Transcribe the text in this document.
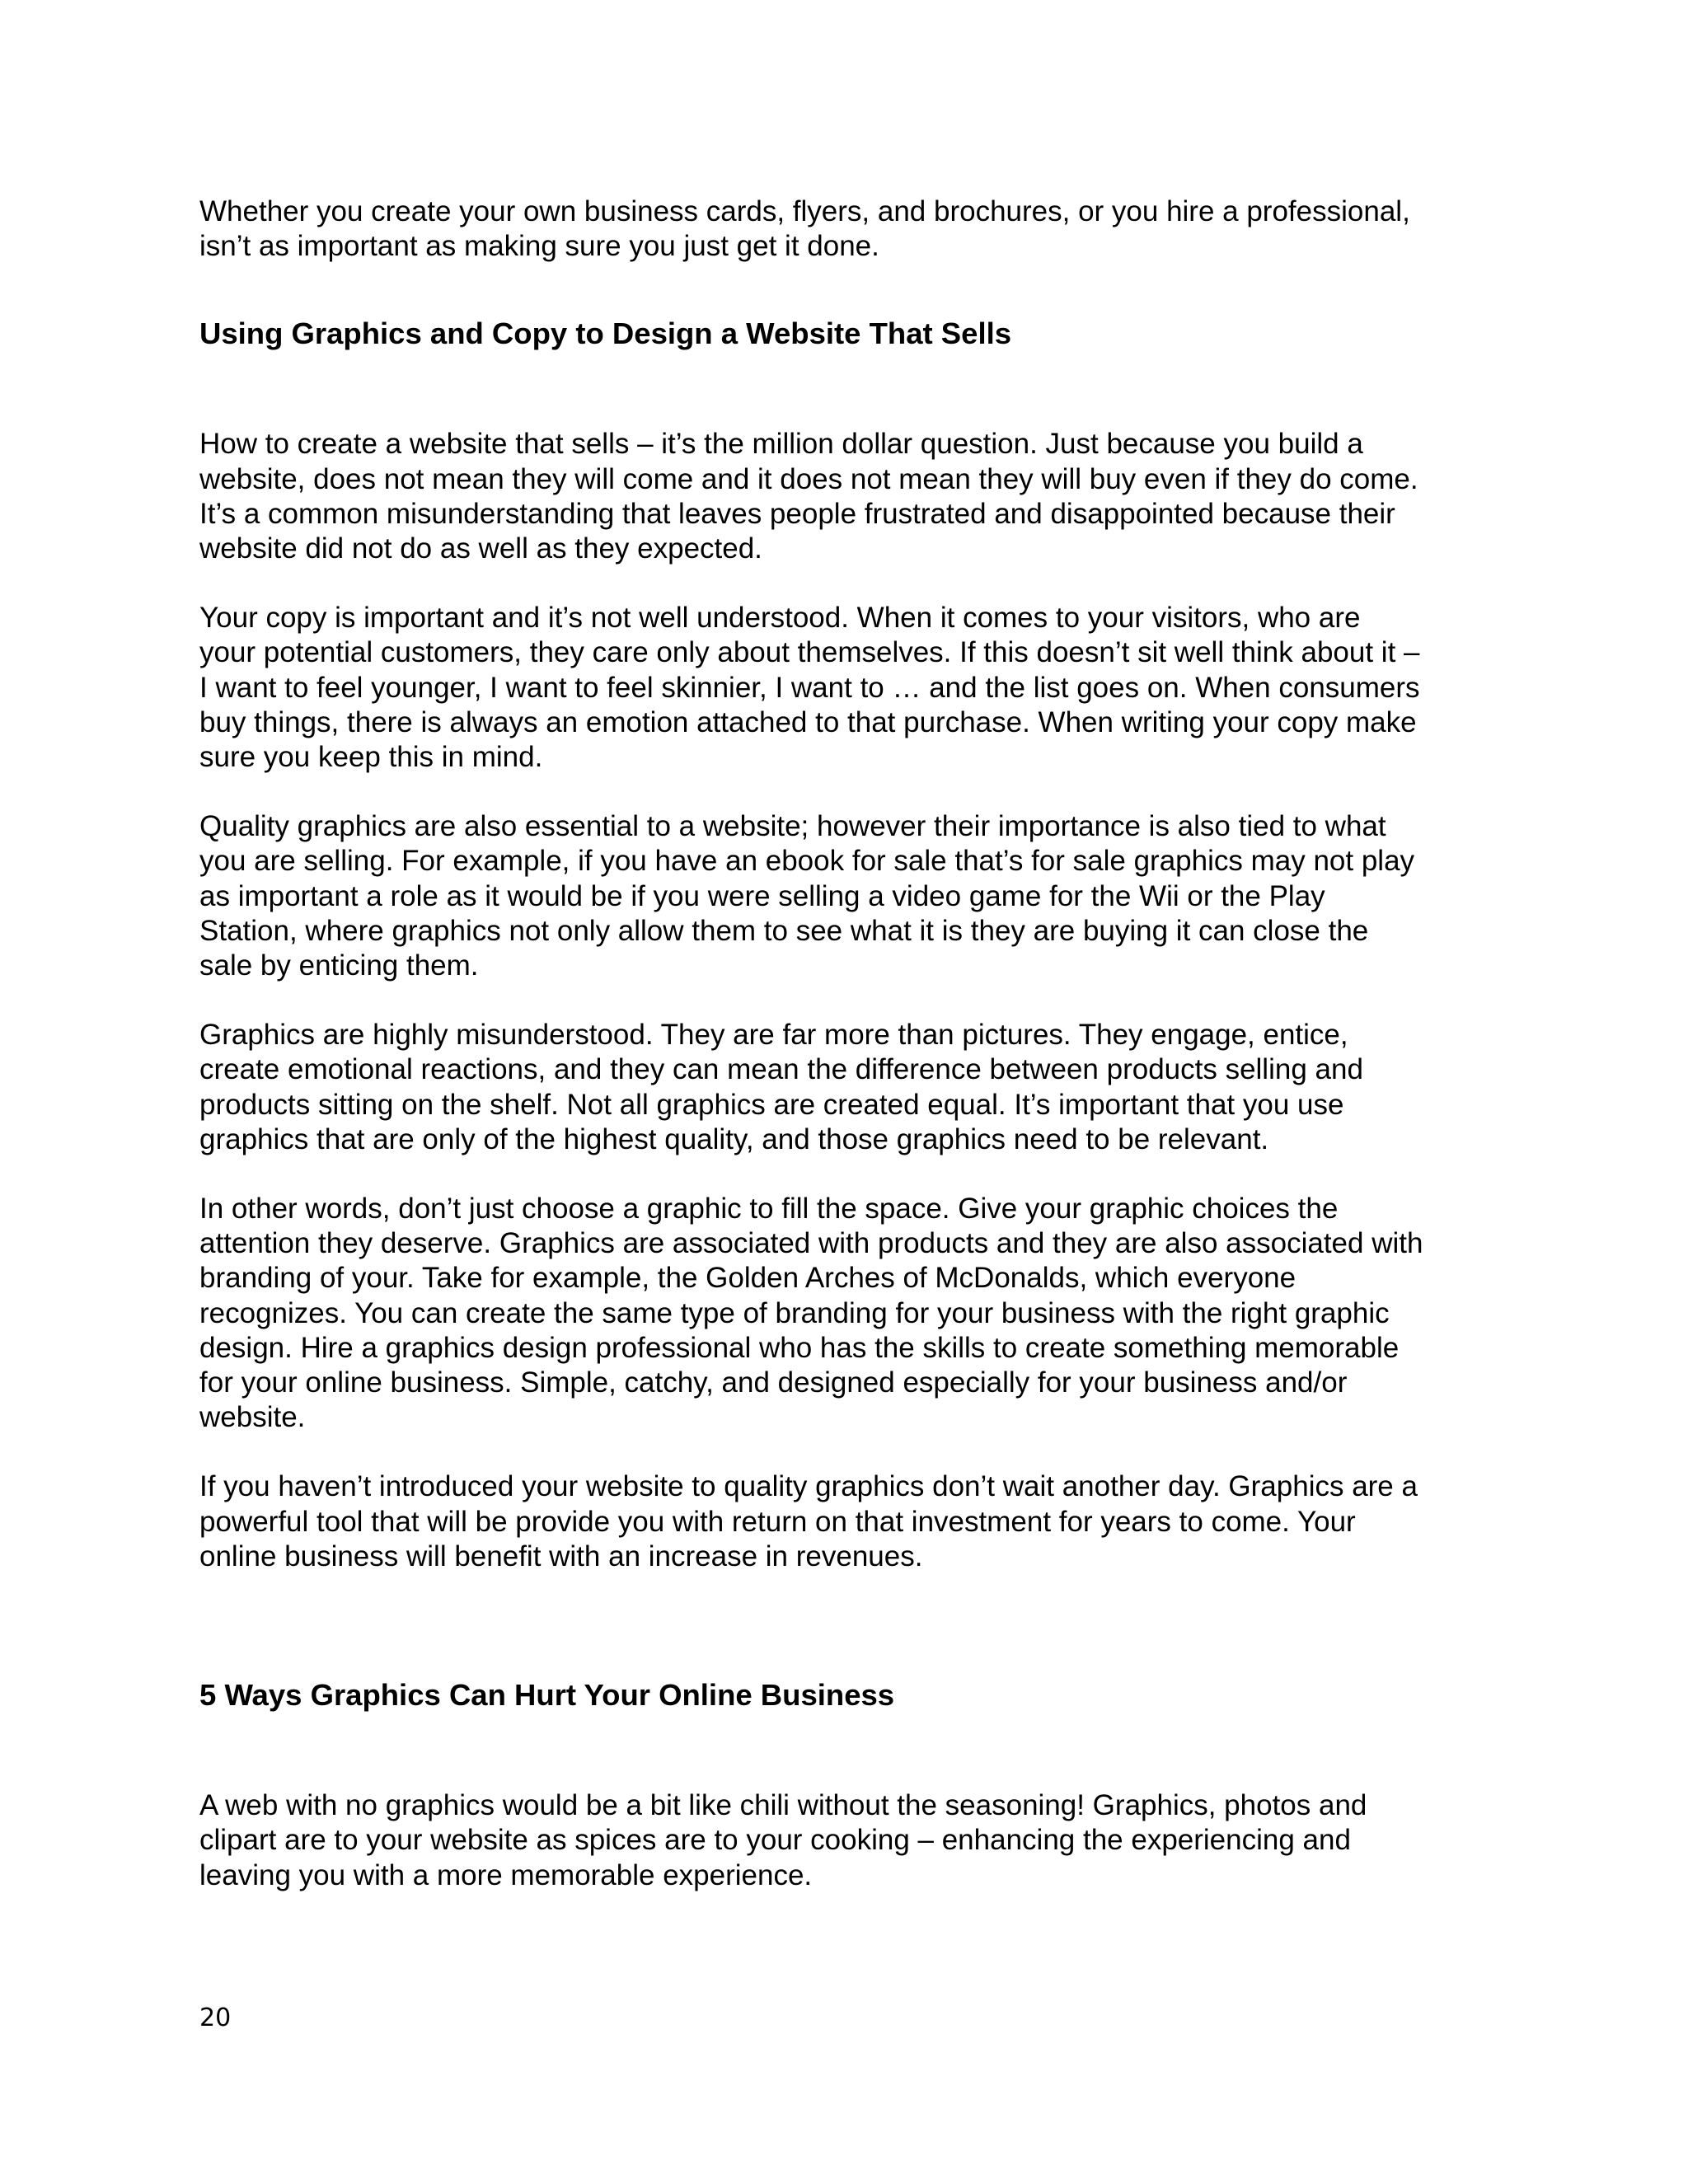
Whether you create your own business cards, flyers, and brochures, or you hire a professional,
isn’t as important as making sure you just get it done.

Using Graphics and Copy to Design a Website That Sells

How to create a website that sells – it’s the million dollar question. Just because you build a
website, does not mean they will come and it does not mean they will buy even if they do come.
It’s a common misunderstanding that leaves people frustrated and disappointed because their
website did not do as well as they expected.

Your copy is important and it’s not well understood. When it comes to your visitors, who are
your potential customers, they care only about themselves. If this doesn’t sit well think about it –
I want to feel younger, I want to feel skinnier, I want to … and the list goes on. When consumers
buy things, there is always an emotion attached to that purchase. When writing your copy make
sure you keep this in mind.

Quality graphics are also essential to a website; however their importance is also tied to what
you are selling. For example, if you have an ebook for sale that’s for sale graphics may not play
as important a role as it would be if you were selling a video game for the Wii or the Play
Station, where graphics not only allow them to see what it is they are buying it can close the
sale by enticing them.

Graphics are highly misunderstood. They are far more than pictures. They engage, entice,
create emotional reactions, and they can mean the difference between products selling and
products sitting on the shelf. Not all graphics are created equal. It’s important that you use
graphics that are only of the highest quality, and those graphics need to be relevant.

In other words, don’t just choose a graphic to fill the space. Give your graphic choices the
attention they deserve. Graphics are associated with products and they are also associated with
branding of your. Take for example, the Golden Arches of McDonalds, which everyone
recognizes. You can create the same type of branding for your business with the right graphic
design. Hire a graphics design professional who has the skills to create something memorable
for your online business. Simple, catchy, and designed especially for your business and/or
website.

If you haven’t introduced your website to quality graphics don’t wait another day. Graphics are a
powerful tool that will be provide you with return on that investment for years to come. Your
online business will benefit with an increase in revenues.

5 Ways Graphics Can Hurt Your Online Business

A web with no graphics would be a bit like chili without the seasoning! Graphics, photos and
clipart are to your website as spices are to your cooking – enhancing the experiencing and
leaving you with a more memorable experience.

20
